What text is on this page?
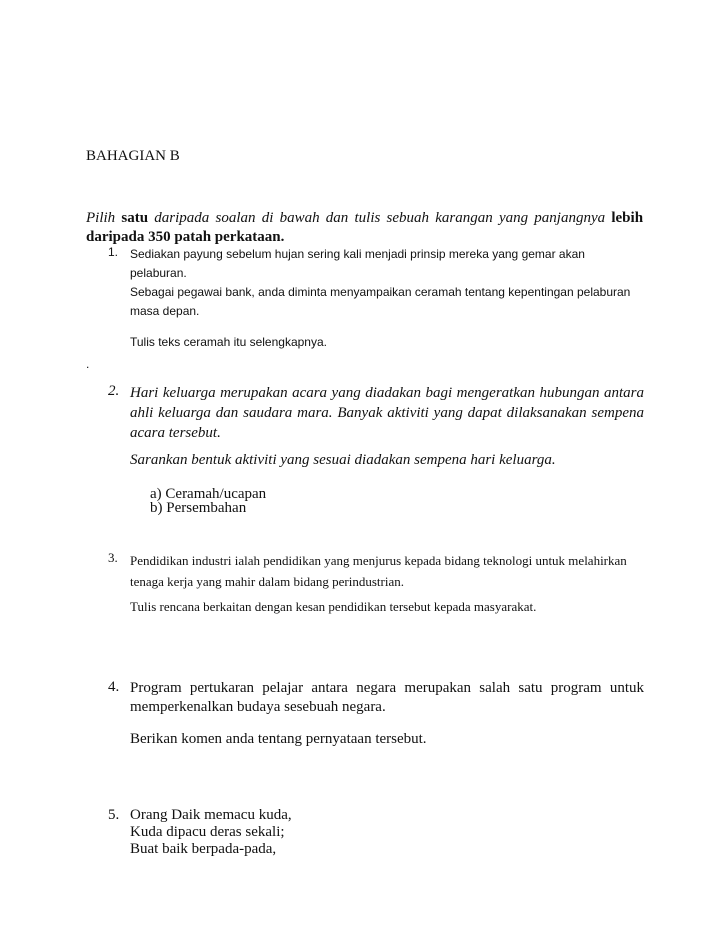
BAHAGIAN B
Pilih satu daripada soalan di bawah dan tulis sebuah karangan yang panjangnya lebih daripada 350 patah perkataan.
1. Sediakan payung sebelum hujan sering kali menjadi prinsip mereka yang gemar akan pelaburan.
Sebagai pegawai bank, anda diminta menyampaikan ceramah tentang kepentingan pelaburan
masa depan.
Tulis teks ceramah itu selengkapnya.
.
2. Hari keluarga merupakan acara yang diadakan bagi mengeratkan hubungan antara ahli keluarga dan saudara mara. Banyak aktiviti yang dapat dilaksanakan sempena acara tersebut.
Sarankan bentuk aktiviti yang sesuai diadakan sempena hari keluarga.
a) Ceramah/ucapan
b) Persembahan
3. Pendidikan industri ialah pendidikan yang menjurus kepada bidang teknologi untuk melahirkan
tenaga kerja yang mahir dalam bidang perindustrian.
Tulis rencana berkaitan dengan kesan pendidikan tersebut kepada masyarakat.
4. Program pertukaran pelajar antara negara merupakan salah satu program untuk memperkenalkan budaya sesebuah negara.
Berikan komen anda tentang pernyataan tersebut.
5. Orang Daik memacu kuda,
Kuda dipacu deras sekali;
Buat baik berpada-pada,
